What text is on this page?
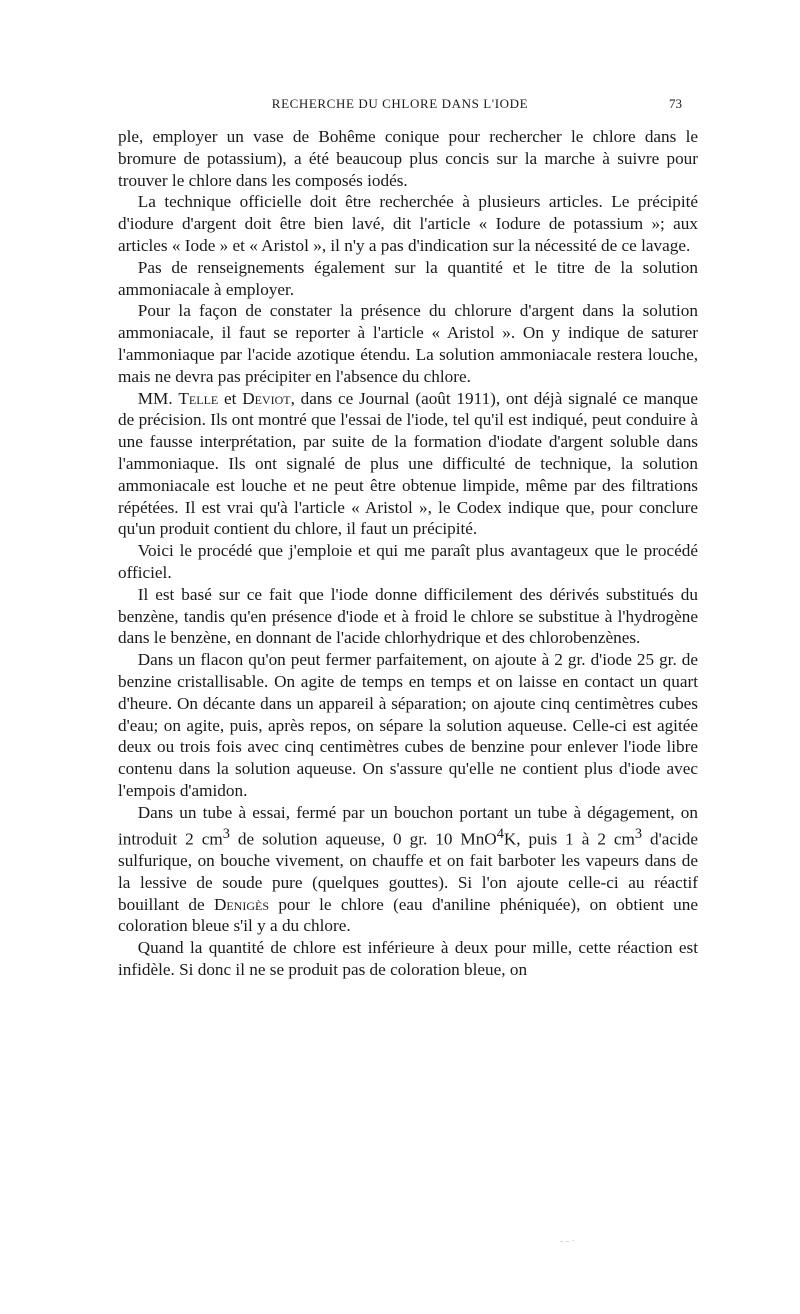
RECHERCHE DU CHLORE DANS L'IODE	73

ple, employer un vase de Bohême conique pour rechercher le chlore dans le bromure de potassium), a été beaucoup plus concis sur la marche à suivre pour trouver le chlore dans les composés iodés.

La technique officielle doit être recherchée à plusieurs articles. Le précipité d'iodure d'argent doit être bien lavé, dit l'article « Iodure de potassium »; aux articles « Iode » et « Aristol », il n'y a pas d'indication sur la nécessité de ce lavage.

Pas de renseignements également sur la quantité et le titre de la solution ammoniacale à employer.

Pour la façon de constater la présence du chlorure d'argent dans la solution ammoniacale, il faut se reporter à l'article « Aristol ». On y indique de saturer l'ammoniaque par l'acide azotique étendu. La solution ammoniacale restera louche, mais ne devra pas précipiter en l'absence du chlore.

MM. Telle et Deviot, dans ce Journal (août 1911), ont déjà signalé ce manque de précision. Ils ont montré que l'essai de l'iode, tel qu'il est indiqué, peut conduire à une fausse interprétation, par suite de la formation d'iodate d'argent soluble dans l'ammoniaque. Ils ont signalé de plus une difficulté de technique, la solution ammoniacale est louche et ne peut être obtenue limpide, même par des filtrations répétées. Il est vrai qu'à l'article « Aristol », le Codex indique que, pour conclure qu'un produit contient du chlore, il faut un précipité.

Voici le procédé que j'emploie et qui me paraît plus avantageux que le procédé officiel.

Il est basé sur ce fait que l'iode donne difficilement des dérivés substitués du benzène, tandis qu'en présence d'iode et à froid le chlore se substitue à l'hydrogène dans le benzène, en donnant de l'acide chlorhydrique et des chlorobenzènes.

Dans un flacon qu'on peut fermer parfaitement, on ajoute à 2 gr. d'iode 25 gr. de benzine cristallisable. On agite de temps en temps et on laisse en contact un quart d'heure. On décante dans un appareil à séparation; on ajoute cinq centimètres cubes d'eau; on agite, puis, après repos, on sépare la solution aqueuse. Celle-ci est agitée deux ou trois fois avec cinq centimètres cubes de benzine pour enlever l'iode libre contenu dans la solution aqueuse. On s'assure qu'elle ne contient plus d'iode avec l'empois d'amidon.

Dans un tube à essai, fermé par un bouchon portant un tube à dégagement, on introduit 2 $cm^3$ de solution aqueuse, 0 gr. 10 MnO$^4$K, puis 1 à 2 $cm^3$ d'acide sulfurique, on bouche vivement, on chauffe et on fait barboter les vapeurs dans de la lessive de soude pure (quelques gouttes). Si l'on ajoute celle-ci au réactif bouillant de Denigès pour le chlore (eau d'aniline phéniquée), on obtient une coloration bleue s'il y a du chlore.

Quand la quantité de chlore est inférieure à deux pour mille, cette réaction est infidèle. Si donc il ne se produit pas de coloration bleue, on

‐ ‐ ·
